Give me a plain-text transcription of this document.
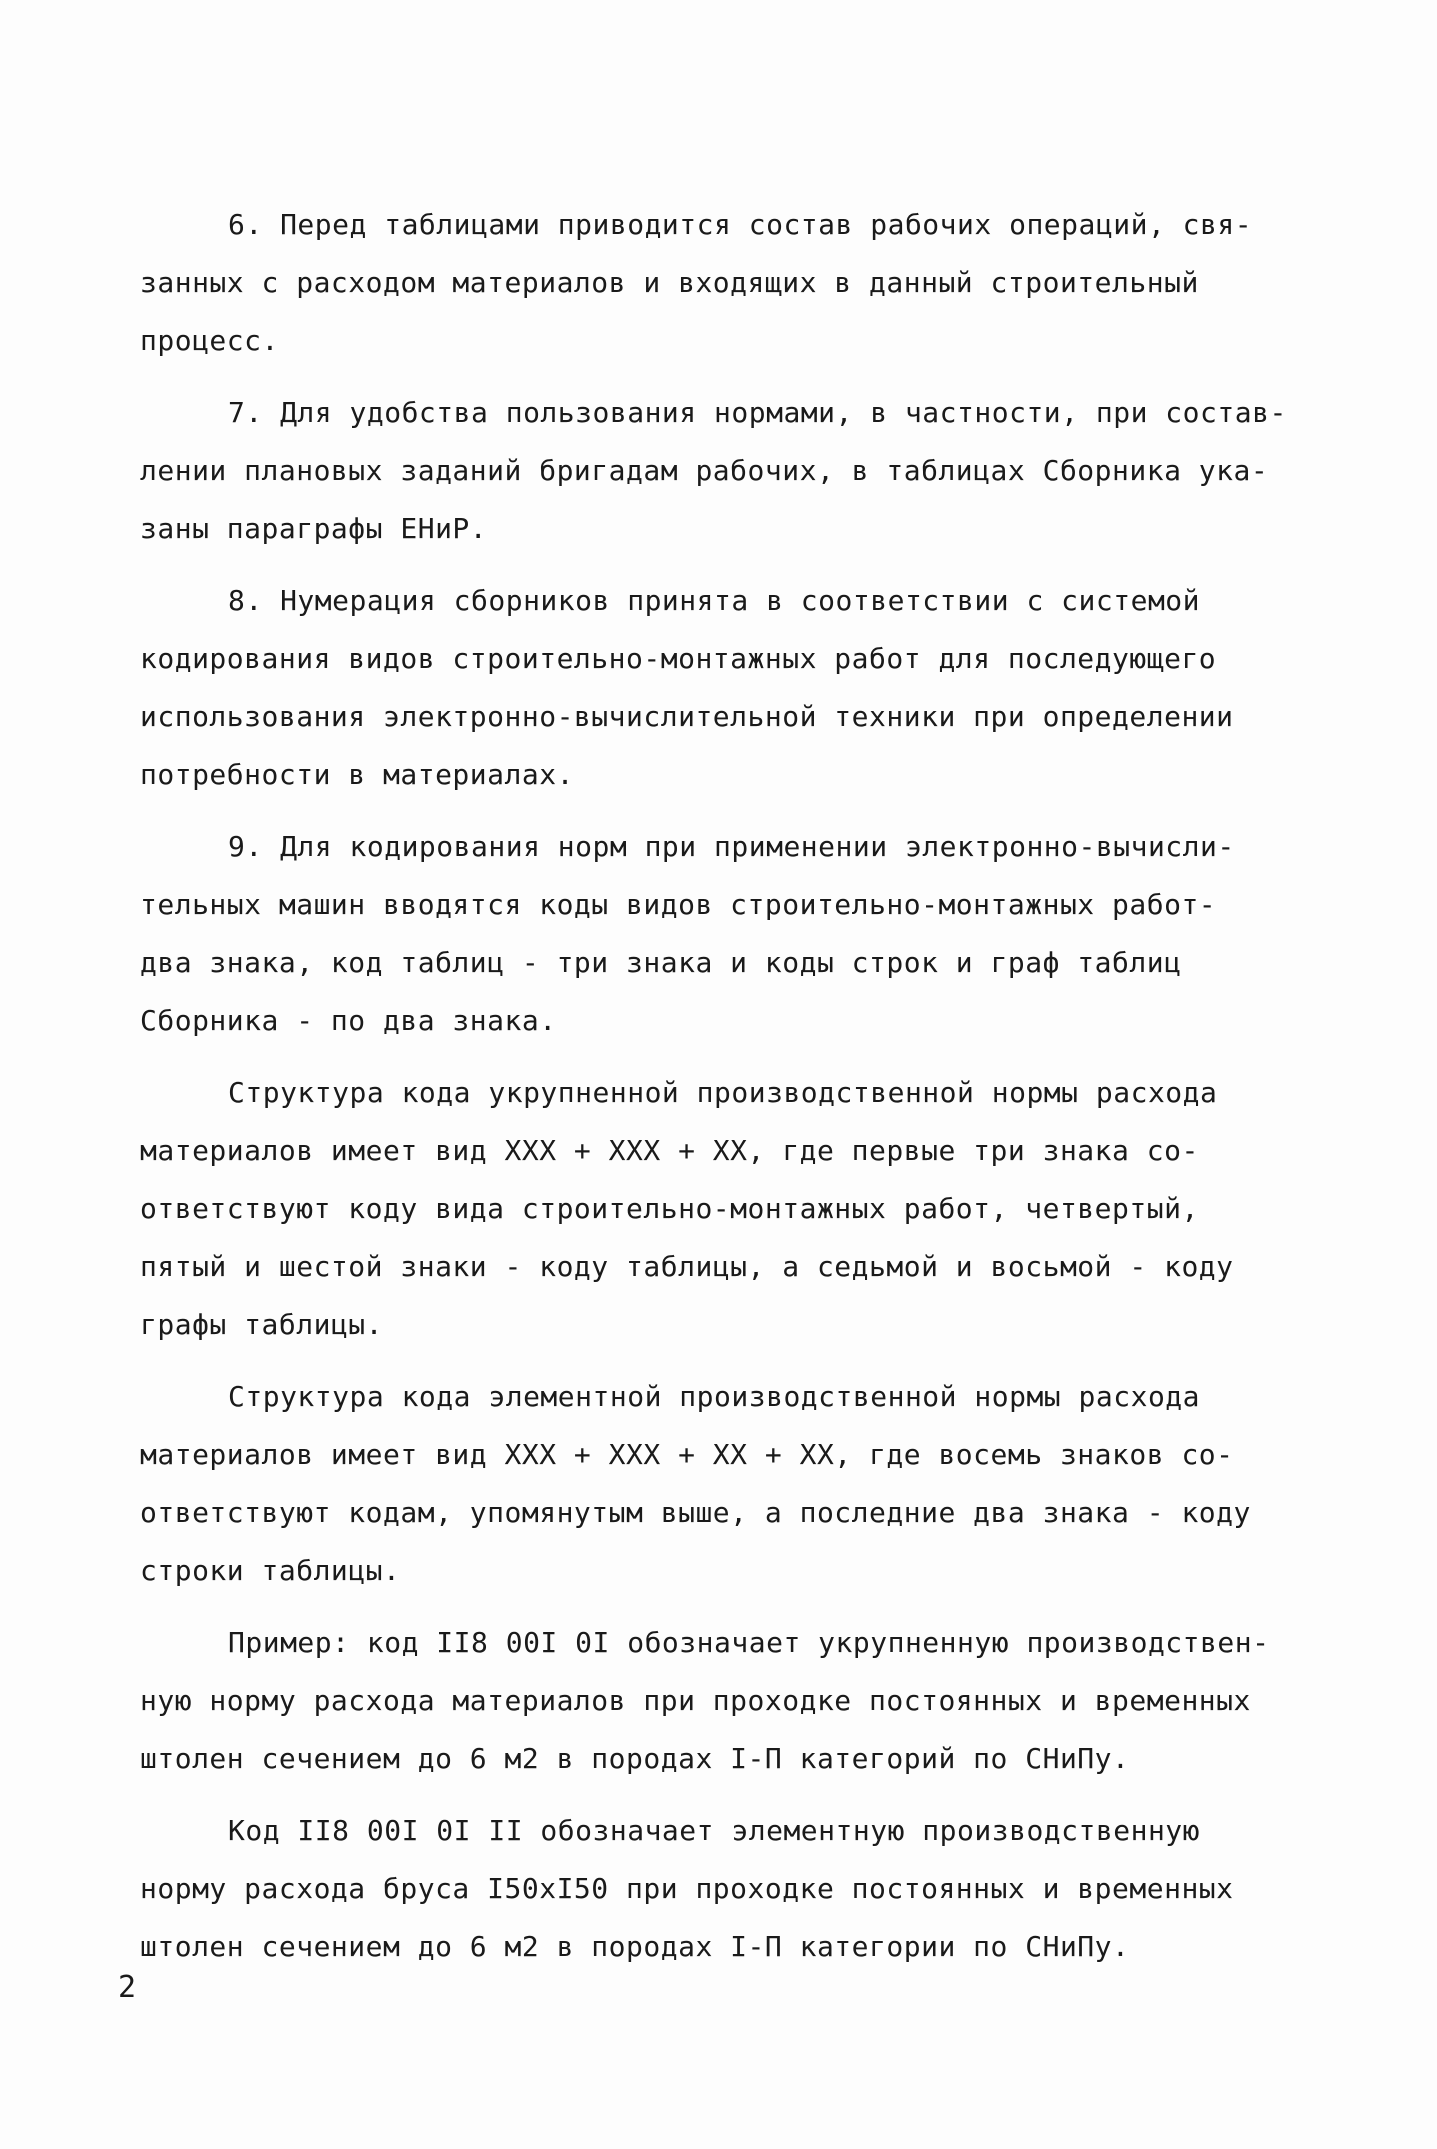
6. Перед таблицами приводится состав рабочих операций, свя-
занных с расходом материалов и входящих в данный строительный
процесс.
7. Для удобства пользования нормами, в частности, при состав-
лении плановых заданий бригадам рабочих, в таблицах Сборника ука-
заны параграфы ЕНиР.
8. Нумерация сборников принята в соответствии с системой
кодирования видов строительно-монтажных работ для последующего
использования электронно-вычислительной техники при определении
потребности в материалах.
9. Для кодирования норм при применении электронно-вычисли-
тельных машин вводятся коды видов строительно-монтажных работ-
два знака, код таблиц - три знака и коды строк и граф таблиц
Сборника - по два знака.
Структура кода укрупненной производственной нормы расхода
материалов имеет вид XXX + XXX + XX, где первые три знака со-
ответствуют коду вида строительно-монтажных работ, четвертый,
пятый и шестой знаки - коду таблицы, а седьмой и восьмой - коду
графы таблицы.
Структура кода элементной производственной нормы расхода
материалов имеет вид XXX + XXX + XX + XX, где восемь знаков со-
ответствуют кодам, упомянутым выше, а последние два знака - коду
строки таблицы.
Пример: код II8 00I 0I обозначает укрупненную производствен-
ную норму расхода материалов при проходке постоянных и временных
штолен сечением до 6 м2 в породах I-П категорий по СНиПу.
Код II8 00I 0I II обозначает элементную производственную
норму расхода бруса I50xI50 при проходке постоянных и временных
штолен сечением до 6 м2 в породах I-П категории по СНиПу.
2
